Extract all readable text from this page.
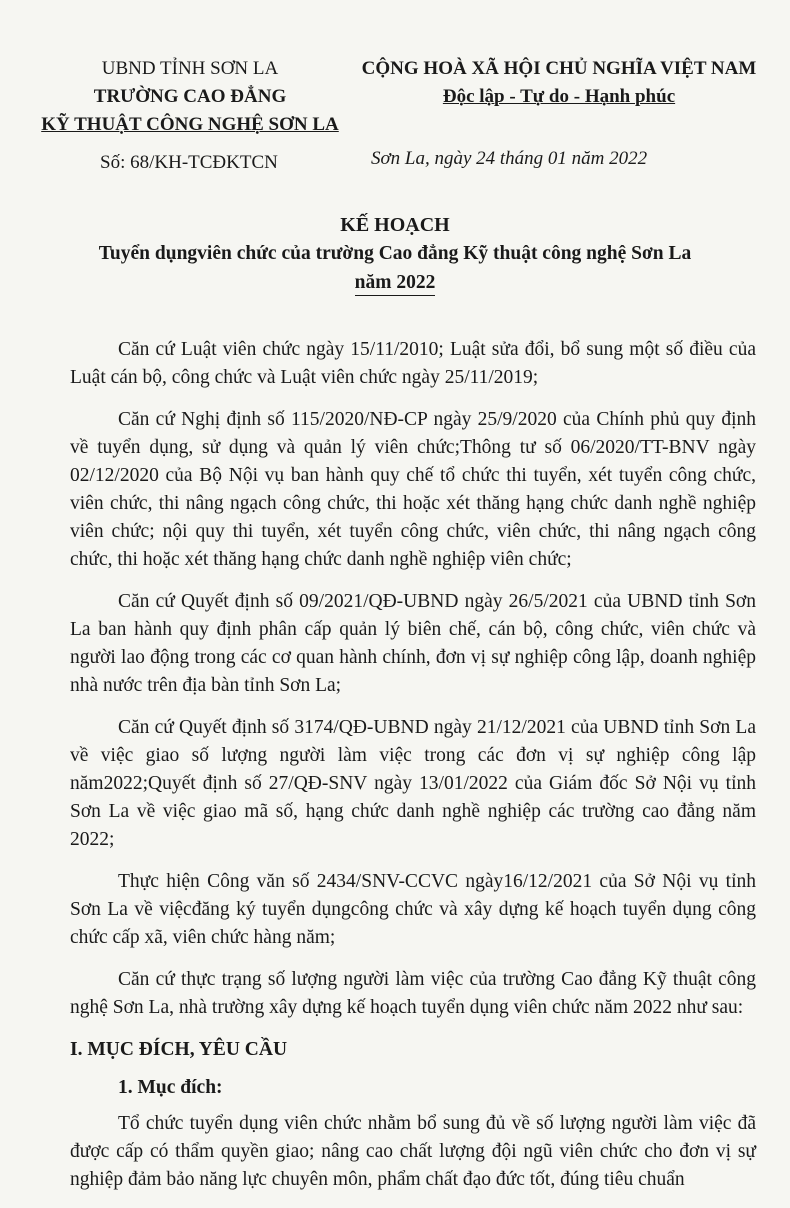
UBND TỈNH SƠN LA
TRƯỜNG CAO ĐẲNG
KỸ THUẬT CÔNG NGHỆ SƠN LA
CỘNG HOÀ XÃ HỘI CHỦ NGHĨA VIỆT NAM
Độc lập - Tự do - Hạnh phúc
Số: 68/KH-TCĐKTCN	Sơn La, ngày 24 tháng 01 năm 2022
KẾ HOẠCH
Tuyển dụngviên chức của trường Cao đẳng Kỹ thuật công nghệ Sơn La
năm 2022

Căn cứ Luật viên chức ngày 15/11/2010; Luật sửa đổi, bổ sung một số điều của Luật cán bộ, công chức và Luật viên chức ngày 25/11/2019;

Căn cứ Nghị định số 115/2020/NĐ-CP ngày 25/9/2020 của Chính phủ quy định về tuyển dụng, sử dụng và quản lý viên chức;Thông tư số 06/2020/TT-BNV ngày 02/12/2020 của Bộ Nội vụ ban hành quy chế tổ chức thi tuyển, xét tuyển công chức, viên chức, thi nâng ngạch công chức, thi hoặc xét thăng hạng chức danh nghề nghiệp viên chức; nội quy thi tuyển, xét tuyển công chức, viên chức, thi nâng ngạch công chức, thi hoặc xét thăng hạng chức danh nghề nghiệp viên chức;

Căn cứ Quyết định số 09/2021/QĐ-UBND ngày 26/5/2021 của UBND tỉnh Sơn La ban hành quy định phân cấp quản lý biên chế, cán bộ, công chức, viên chức và người lao động trong các cơ quan hành chính, đơn vị sự nghiệp công lập, doanh nghiệp nhà nước trên địa bàn tỉnh Sơn La;

Căn cứ Quyết định số 3174/QĐ-UBND ngày 21/12/2021 của UBND tỉnh Sơn La về việc giao số lượng người làm việc trong các đơn vị sự nghiệp công lập năm2022;Quyết định số 27/QĐ-SNV ngày 13/01/2022 của Giám đốc Sở Nội vụ tỉnh Sơn La về việc giao mã số, hạng chức danh nghề nghiệp các trường cao đẳng năm 2022;

Thực hiện Công văn số 2434/SNV-CCVC ngày16/12/2021 của Sở Nội vụ tỉnh Sơn La về việcđăng ký tuyển dụngcông chức và xây dựng kế hoạch tuyển dụng công chức cấp xã, viên chức hàng năm;

Căn cứ thực trạng số lượng người làm việc của trường Cao đẳng Kỹ thuật công nghệ Sơn La, nhà trường xây dựng kế hoạch tuyển dụng viên chức năm 2022 như sau:

I. MỤC ĐÍCH, YÊU CẦU
1. Mục đích:

Tổ chức tuyển dụng viên chức nhằm bổ sung đủ về số lượng người làm việc đã được cấp có thẩm quyền giao; nâng cao chất lượng đội ngũ viên chức cho đơn vị sự nghiệp đảm bảo năng lực chuyên môn, phẩm chất đạo đức tốt, đúng tiêu chuẩn
